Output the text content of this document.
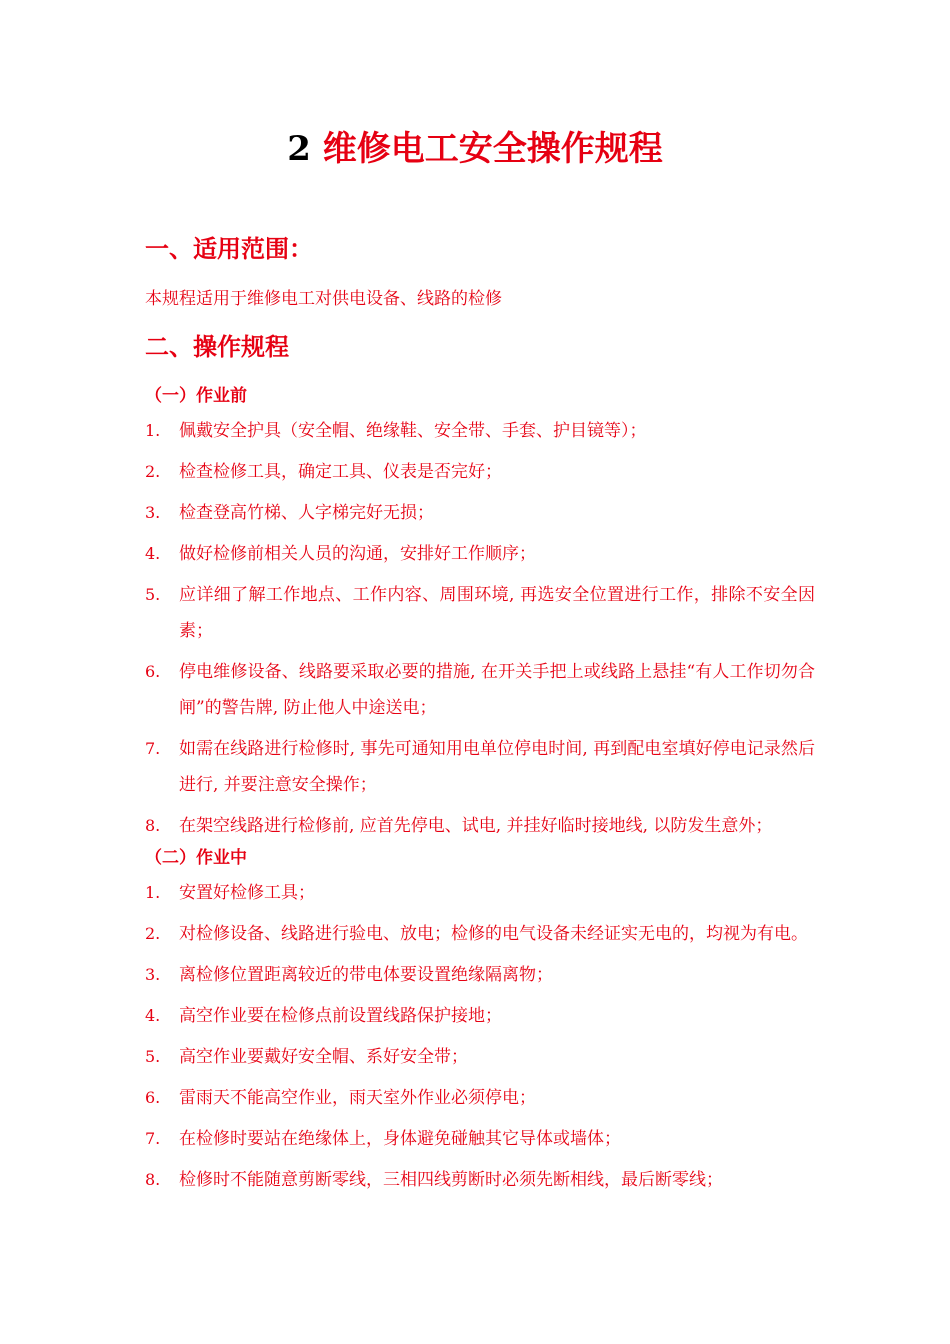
2 维修电工安全操作规程
一、适用范围：

本规程适用于维修电工对供电设备、线路的检修

二、操作规程

（一）作业前

1.	佩戴安全护具（安全帽、绝缘鞋、安全带、手套、护目镜等）；
2.	检查检修工具，确定工具、仪表是否完好；
3.	检查登高竹梯、人字梯完好无损；
4.	做好检修前相关人员的沟通，安排好工作顺序；
5.	应详细了解工作地点、工作内容、周围环境, 再选安全位置进行工作，排除不安全因素；
6.	停电维修设备、线路要采取必要的措施, 在开关手把上或线路上悬挂“有人工作切勿合闸”的警告牌, 防止他人中途送电；
7.	如需在线路进行检修时, 事先可通知用电单位停电时间, 再到配电室填好停电记录然后进行, 并要注意安全操作；
8.	在架空线路进行检修前, 应首先停电、试电, 并挂好临时接地线, 以防发生意外；

（二）作业中

1.	安置好检修工具；
2.	对检修设备、线路进行验电、放电；检修的电气设备未经证实无电的，均视为有电。
3.	离检修位置距离较近的带电体要设置绝缘隔离物；
4.	高空作业要在检修点前设置线路保护接地；
5.	高空作业要戴好安全帽、系好安全带；
6.	雷雨天不能高空作业，雨天室外作业必须停电；
7.	在检修时要站在绝缘体上，身体避免碰触其它导体或墙体；
8.	检修时不能随意剪断零线，三相四线剪断时必须先断相线，最后断零线；
